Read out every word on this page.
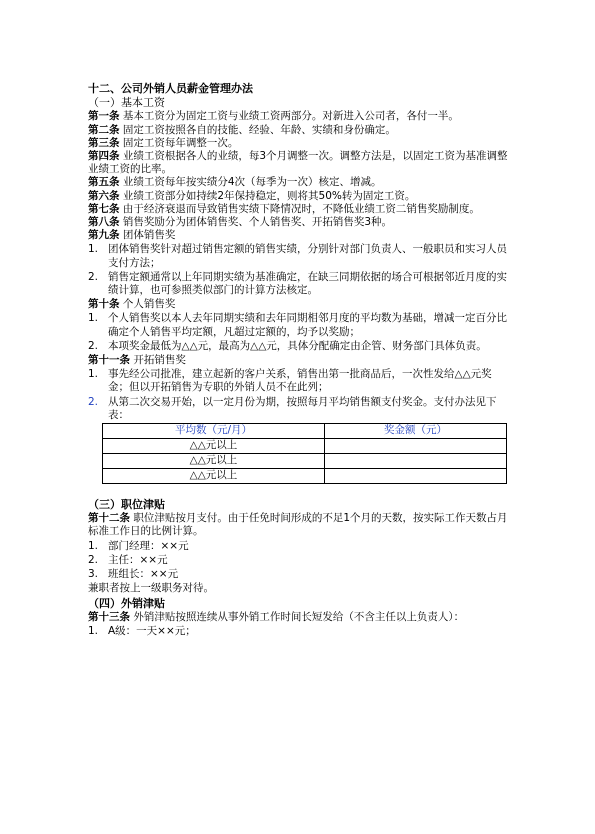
十二、公司外销人员薪金管理办法
（一）基本工资
第一条 基本工资分为固定工资与业绩工资两部分。对新进入公司者，各付一半。
第二条 固定工资按照各自的技能、经验、年龄、实绩和身份确定。
第三条 固定工资每年调整一次。
第四条 业绩工资根据各人的业绩，每3个月调整一次。调整方法是，以固定工资为基准调整业绩工资的比率。
第五条 业绩工资每年按实绩分4次（每季为一次）核定、增减。
第六条 业绩工资部分如持续2年保持稳定，则将其50%转为固定工资。
第七条 由于经济衰退而导致销售实绩下降情况时，不降低业绩工资二销售奖励制度。
第八条 销售奖励分为团体销售奖、个人销售奖、开拓销售奖3种。
第九条 团体销售奖
1. 团体销售奖针对超过销售定额的销售实绩，分别针对部门负责人、一般职员和实习人员支付方法；
2. 销售定额通常以上年同期实绩为基准确定，在缺三同期依据的场合可根据邻近月度的实绩计算，也可参照类似部门的计算方法核定。
第十条 个人销售奖
1. 个人销售奖以本人去年同期实绩和去年同期相邻月度的平均数为基础，增减一定百分比确定个人销售平均定额，凡超过定额的，均予以奖励；
2. 本项奖金最低为△△元，最高为△△元，具体分配确定由企管、财务部门具体负责。
第十一条 开拓销售奖
1. 事先经公司批准，建立起新的客户关系，销售出第一批商品后，一次性发给△△元奖金；但以开拓销售为专职的外销人员不在此列；
2. 从第二次交易开始，以一定月份为期，按照每月平均销售额支付奖金。支付办法见下表：
平均数（元/月）	奖金额（元）
△△元以上	
△△元以上	
△△元以上	
（三）职位津贴
第十二条 职位津贴按月支付。由于任免时间形成的不足1个月的天数，按实际工作天数占月标准工作日的比例计算。
1. 部门经理：××元
2. 主任：××元
3. 班组长：××元
兼职者按上一级职务对待。
（四）外销津贴
第十三条 外销津贴按照连续从事外销工作时间长短发给（不含主任以上负责人）：
1. A级：一天××元；
